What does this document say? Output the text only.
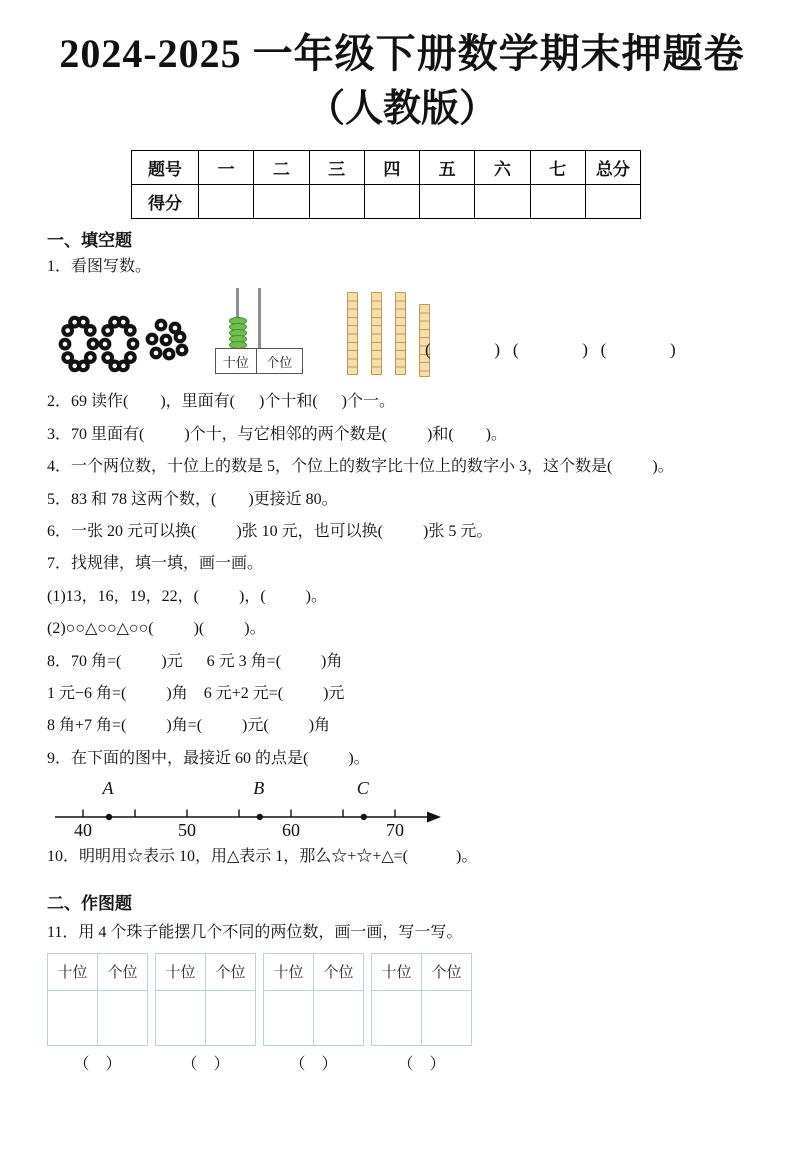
2024-2025 一年级下册数学期末押题卷
（人教版）
题号	一	二	三	四	五	六	七	总分
得分								
一、填空题
1．看图写数。
十位	个位
(               )   (               )   (               )
2．69 读作(        )，里面有(      )个十和(      )个一。
3．70 里面有(          )个十，与它相邻的两个数是(          )和(        )。
4．一个两位数，十位上的数是 5，个位上的数字比十位上的数字小 3，这个数是(          )。
5．83 和 78 这两个数，(        )更接近 80。
6．一张 20 元可以换(          )张 10 元，也可以换(          )张 5 元。
7．找规律，填一填，画一画。
(1)13，16，19，22，(          )，(          )。
(2)○○△○○△○○(          )(          )。
8．70 角=(          )元      6 元 3 角=(          )角
1 元−6 角=(          )角    6 元+2 元=(          )元
8 角+7 角=(          )角=(          )元(          )角
9．在下面的图中，最接近 60 的点是(          )。
40	50	60	70
A	B	C
10．明明用☆表示 10，用△表示 1，那么☆+☆+△=(            )。
二、作图题
11．用 4 个珠子能摆几个不同的两位数，画一画，写一写。
十位	个位

（　）
十位	个位

（　）
十位	个位

（　）
十位	个位

（　）
